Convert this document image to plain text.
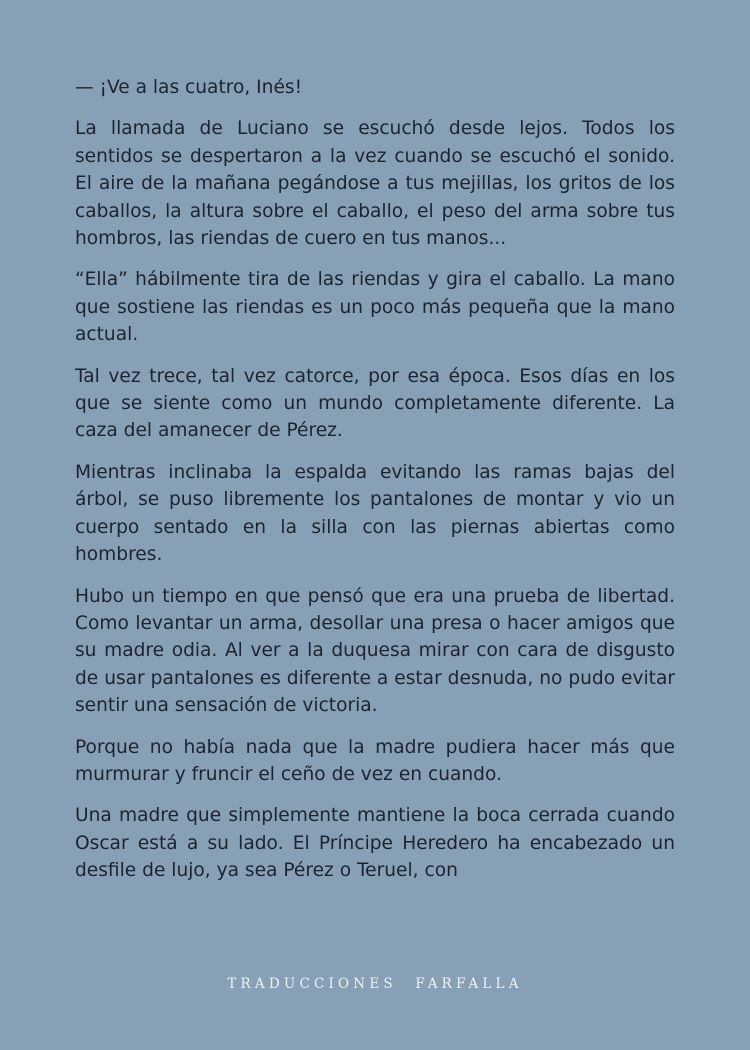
— ¡Ve a las cuatro, Inés!

La llamada de Luciano se escuchó desde lejos. Todos los sentidos se despertaron a la vez cuando se escuchó el sonido. El aire de la mañana pegándose a tus mejillas, los gritos de los caballos, la altura sobre el caballo, el peso del arma sobre tus hombros, las riendas de cuero en tus manos...

“Ella” hábilmente tira de las riendas y gira el caballo. La mano que sostiene las riendas es un poco más pequeña que la mano actual.

Tal vez trece, tal vez catorce, por esa época. Esos días en los que se siente como un mundo completamente diferente. La caza del amanecer de Pérez.

Mientras inclinaba la espalda evitando las ramas bajas del árbol, se puso libremente los pantalones de montar y vio un cuerpo sentado en la silla con las piernas abiertas como hombres.

Hubo un tiempo en que pensó que era una prueba de libertad. Como levantar un arma, desollar una presa o hacer amigos que su madre odia. Al ver a la duquesa mirar con cara de disgusto de usar pantalones es diferente a estar desnuda, no pudo evitar sentir una sensación de victoria.

Porque no había nada que la madre pudiera hacer más que murmurar y fruncir el ceño de vez en cuando.

Una madre que simplemente mantiene la boca cerrada cuando Oscar está a su lado. El Príncipe Heredero ha encabezado un desfile de lujo, ya sea Pérez o Teruel, con

TRADUCCIONES FARFALLA
